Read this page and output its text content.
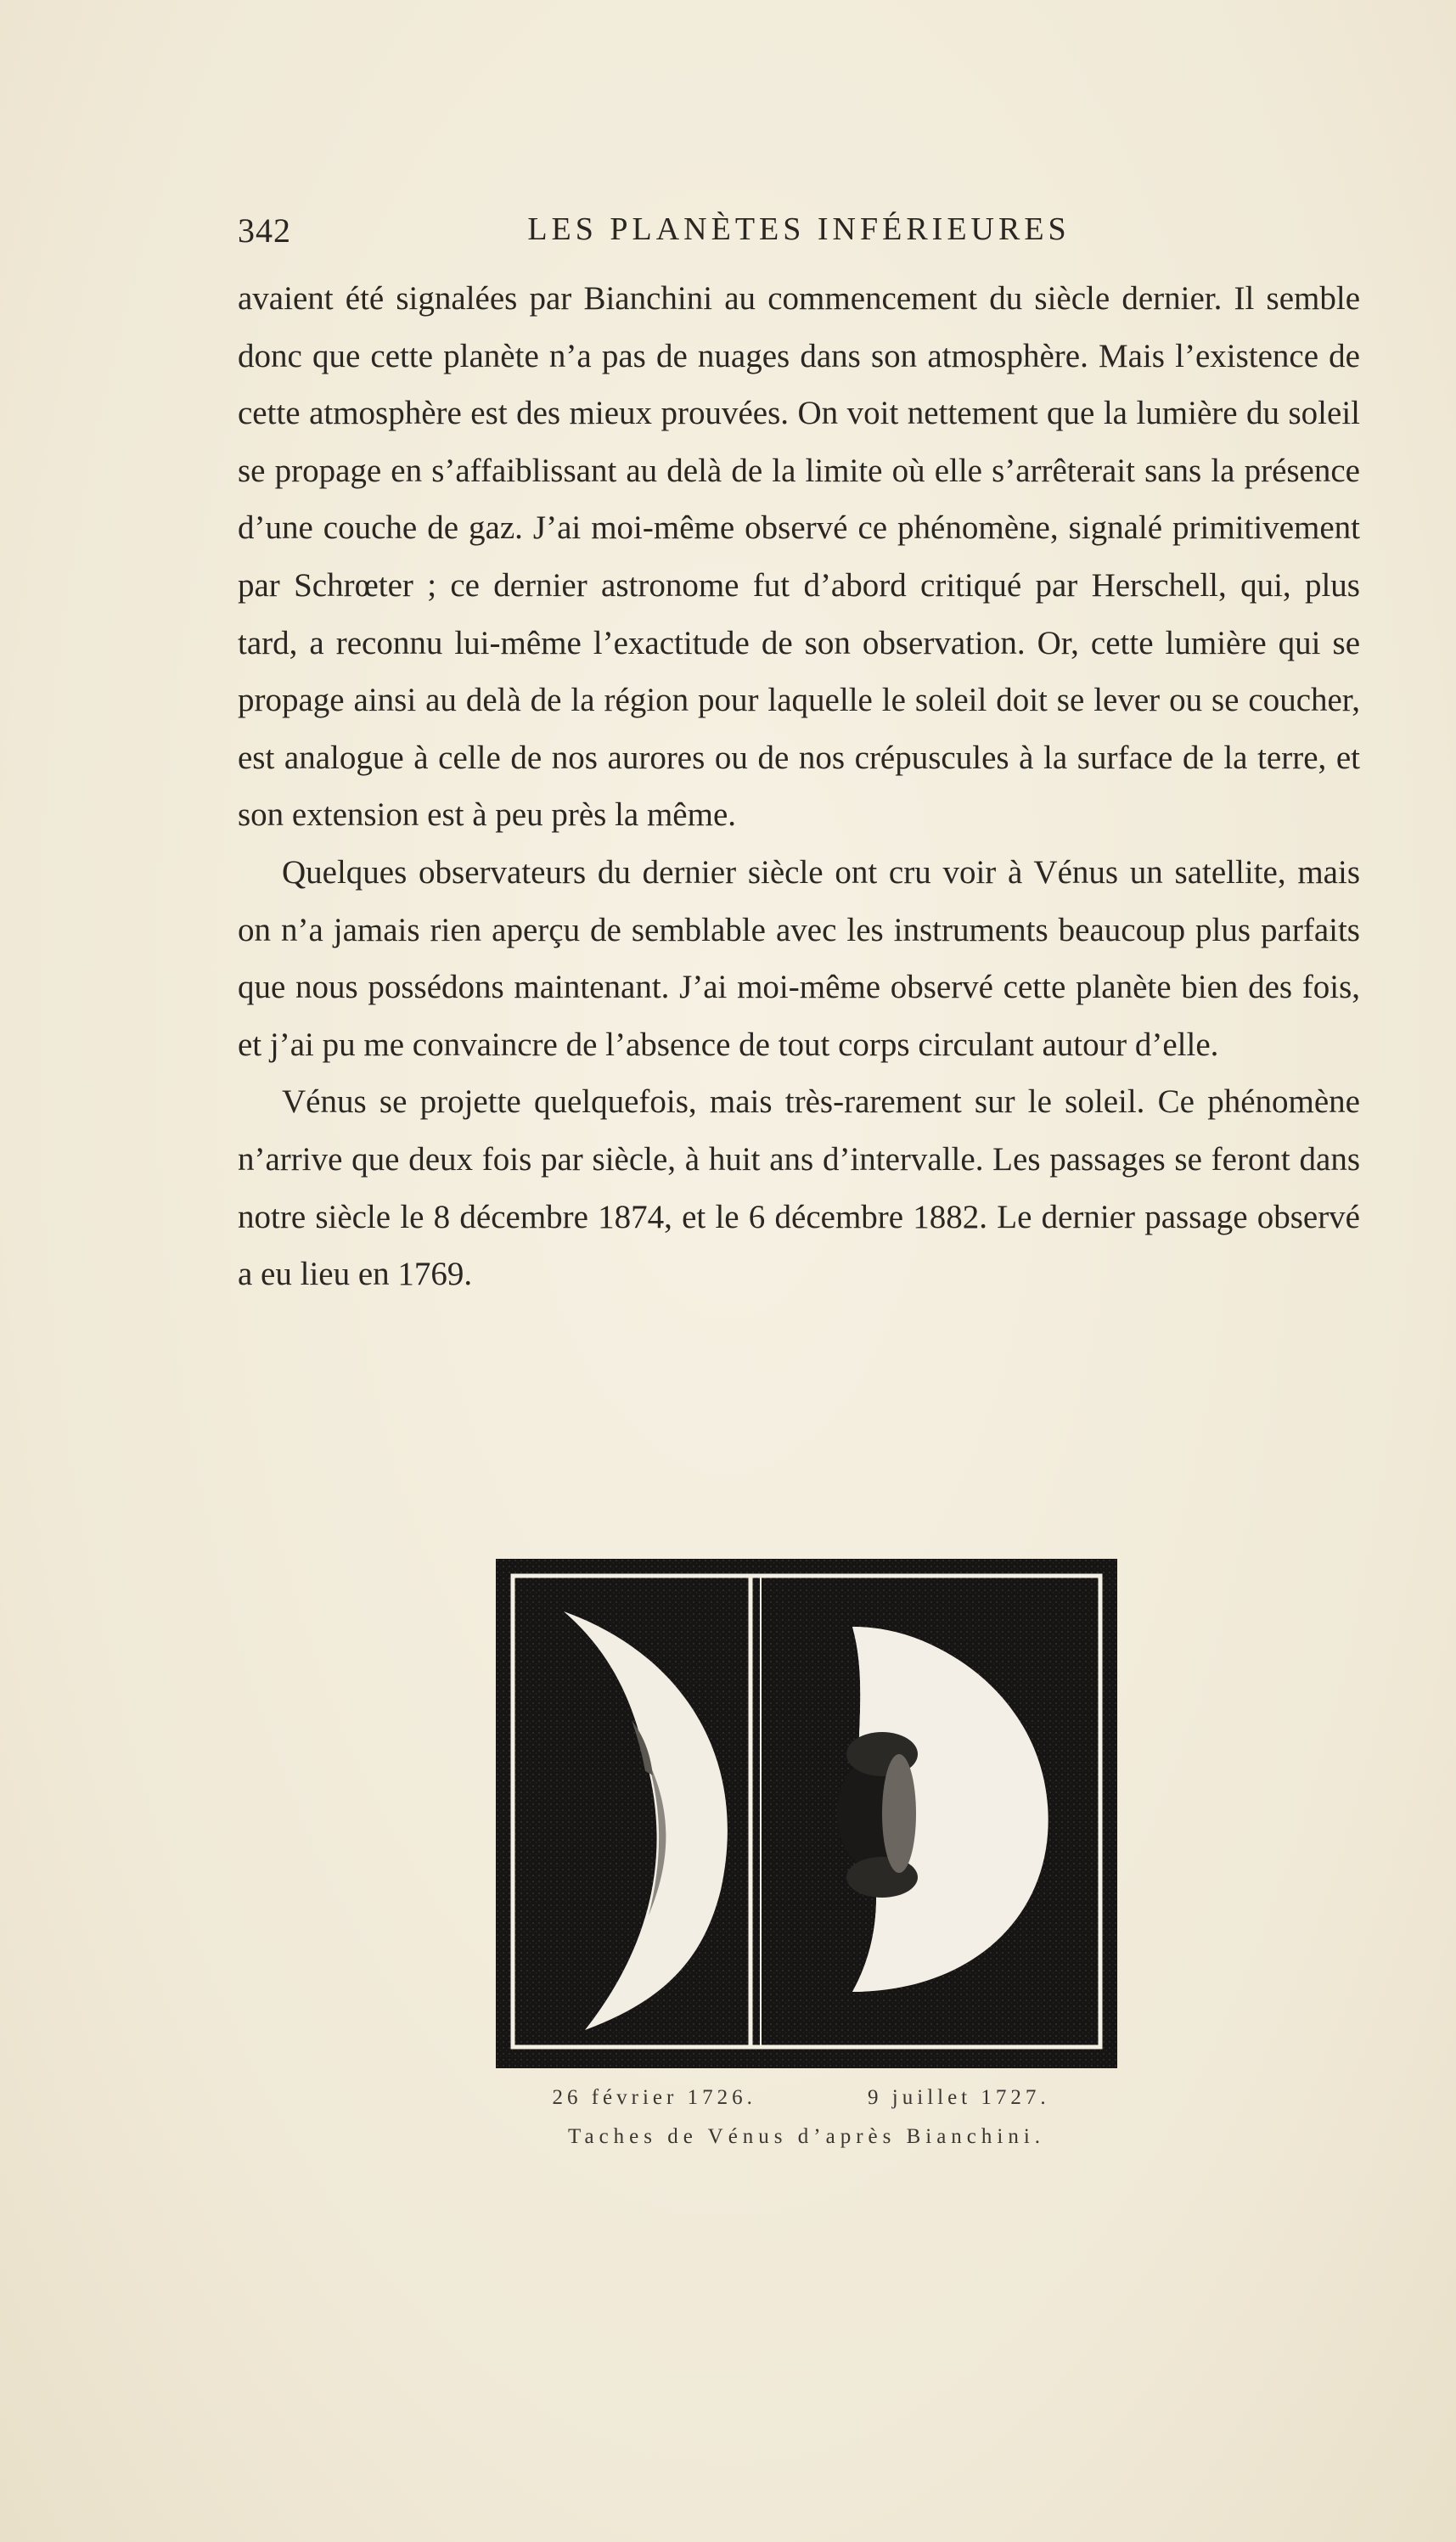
342	LES PLANÈTES INFÉRIEURES

avaient été signalées par Bianchini au commencement du siècle dernier. Il semble donc que cette planète n’a pas de nuages dans son atmosphère. Mais l’existence de cette atmosphère est des mieux prouvées. On voit nettement que la lumière du soleil se propage en s’affaiblissant au delà de la limite où elle s’arrêterait sans la présence d’une couche de gaz. J’ai moi-même observé ce phénomène, signalé primitivement par Schrœter ; ce dernier astronome fut d’abord critiqué par Herschell, qui, plus tard, a reconnu lui-même l’exactitude de son observation. Or, cette lumière qui se propage ainsi au delà de la région pour laquelle le soleil doit se lever ou se coucher, est analogue à celle de nos aurores ou de nos crépuscules à la surface de la terre, et son extension est à peu près la même.

Quelques observateurs du dernier siècle ont cru voir à Vénus un satellite, mais on n’a jamais rien aperçu de semblable avec les instruments beaucoup plus parfaits que nous possédons maintenant. J’ai moi-même observé cette planète bien des fois, et j’ai pu me convaincre de l’absence de tout corps circulant autour d’elle.

Vénus se projette quelquefois, mais très-rarement sur le soleil. Ce phénomène n’arrive que deux fois par siècle, à huit ans d’intervalle. Les passages se feront dans notre siècle le 8 décembre 1874, et le 6 décembre 1882. Le dernier passage observé a eu lieu en 1769.

26 février 1726.	9 juillet 1727.
Taches de Vénus d’après Bianchini.
